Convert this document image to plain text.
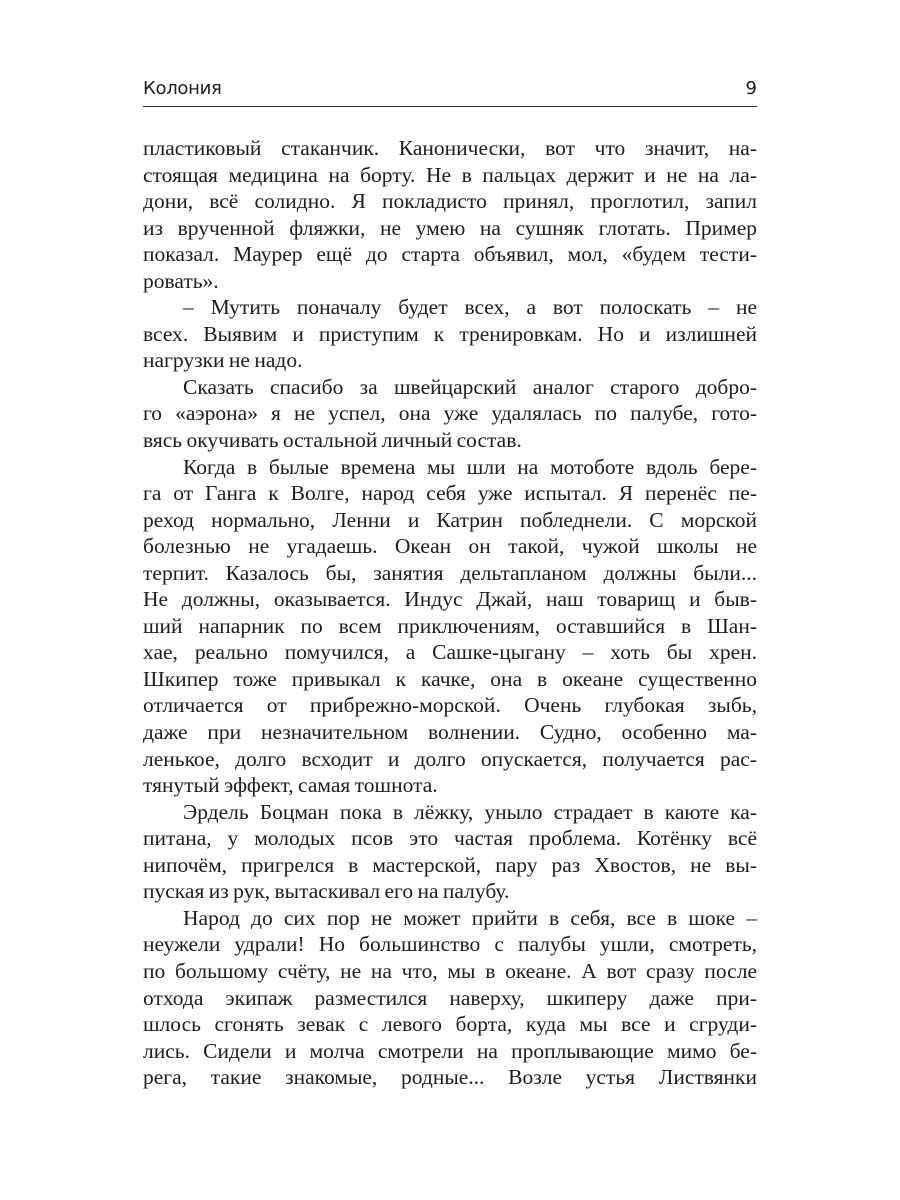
Колония	9
пластиковый стаканчик. Канонически, вот что значит, на-
стоящая медицина на борту. Не в пальцах держит и не на ла-
дони, всё солидно. Я покладисто принял, проглотил, запил
из врученной фляжки, не умею на сушняк глотать. Пример
показал. Маурер ещё до старта объявил, мол, «будем тести-
ровать».
– Мутить поначалу будет всех, а вот полоскать – не
всех. Выявим и приступим к тренировкам. Но и излишней
нагрузки не надо.
Сказать спасибо за швейцарский аналог старого добро-
го «аэрона» я не успел, она уже удалялась по палубе, гото-
вясь окучивать остальной личный состав.
Когда в былые времена мы шли на мотоботе вдоль бере-
га от Ганга к Волге, народ себя уже испытал. Я перенёс пе-
реход нормально, Ленни и Катрин побледнели. С морской
болезнью не угадаешь. Океан он такой, чужой школы не
терпит. Казалось бы, занятия дельтапланом должны были...
Не должны, оказывается. Индус Джай, наш товарищ и быв-
ший напарник по всем приключениям, оставшийся в Шан-
хае, реально помучился, а Сашке-цыгану – хоть бы хрен.
Шкипер тоже привыкал к качке, она в океане существенно
отличается от прибрежно-морской. Очень глубокая зыбь,
даже при незначительном волнении. Судно, особенно ма-
ленькое, долго всходит и долго опускается, получается рас-
тянутый эффект, самая тошнота.
Эрдель Боцман пока в лёжку, уныло страдает в каюте ка-
питана, у молодых псов это частая проблема. Котёнку всё
нипочём, пригрелся в мастерской, пару раз Хвостов, не вы-
пуская из рук, вытаскивал его на палубу.
Народ до сих пор не может прийти в себя, все в шоке –
неужели удрали! Но большинство с палубы ушли, смотреть,
по большому счёту, не на что, мы в океане. А вот сразу после
отхода экипаж разместился наверху, шкиперу даже при-
шлось сгонять зевак с левого борта, куда мы все и сгруди-
лись. Сидели и молча смотрели на проплывающие мимо бе-
рега, такие знакомые, родные... Возле устья Листвянки
